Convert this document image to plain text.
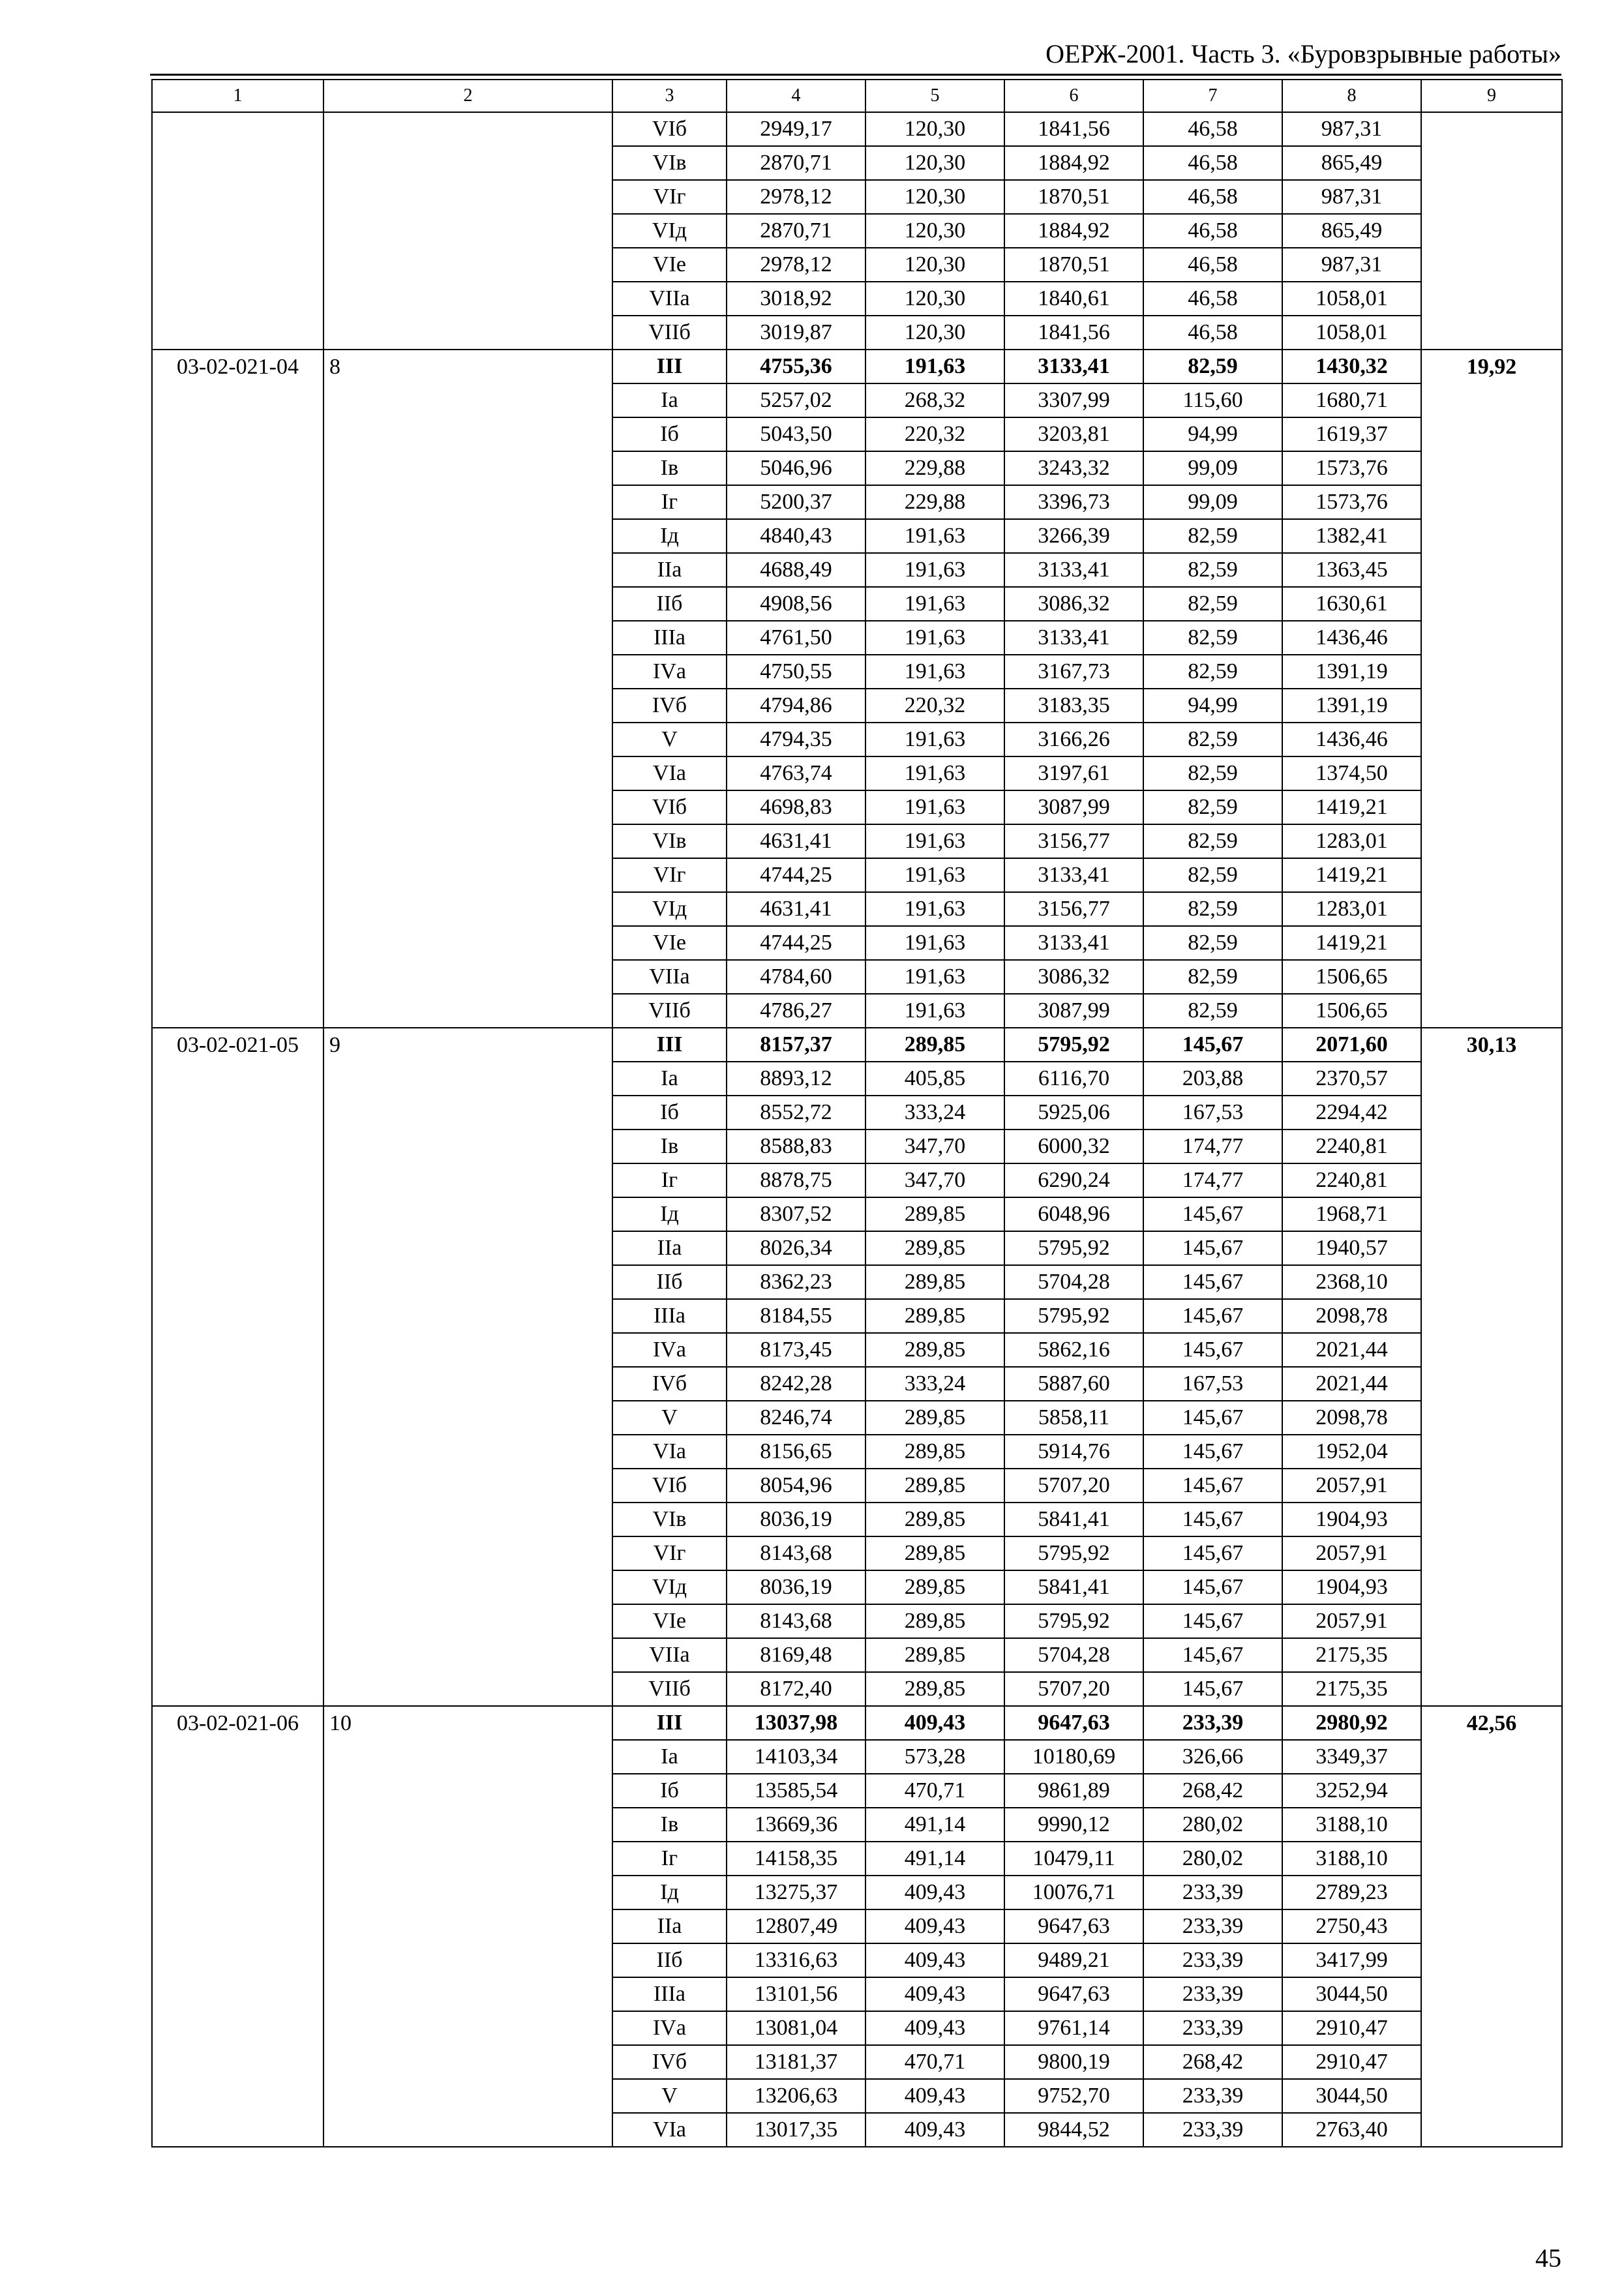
ОЕРЖ-2001. Часть 3. «Буровзрывные работы»
1	2	3	4	5	6	7	8	9
		VIб	2949,17	120,30	1841,56	46,58	987,31	
		VIв	2870,71	120,30	1884,92	46,58	865,49	
		VIг	2978,12	120,30	1870,51	46,58	987,31	
		VIд	2870,71	120,30	1884,92	46,58	865,49	
		VIе	2978,12	120,30	1870,51	46,58	987,31	
		VIIа	3018,92	120,30	1840,61	46,58	1058,01	
		VIIб	3019,87	120,30	1841,56	46,58	1058,01	
03-02-021-04	8	III	4755,36	191,63	3133,41	82,59	1430,32	19,92
		Iа	5257,02	268,32	3307,99	115,60	1680,71	
		Iб	5043,50	220,32	3203,81	94,99	1619,37	
		Iв	5046,96	229,88	3243,32	99,09	1573,76	
		Iг	5200,37	229,88	3396,73	99,09	1573,76	
		Iд	4840,43	191,63	3266,39	82,59	1382,41	
		IIа	4688,49	191,63	3133,41	82,59	1363,45	
		IIб	4908,56	191,63	3086,32	82,59	1630,61	
		IIIа	4761,50	191,63	3133,41	82,59	1436,46	
		IVа	4750,55	191,63	3167,73	82,59	1391,19	
		IVб	4794,86	220,32	3183,35	94,99	1391,19	
		V	4794,35	191,63	3166,26	82,59	1436,46	
		VIа	4763,74	191,63	3197,61	82,59	1374,50	
		VIб	4698,83	191,63	3087,99	82,59	1419,21	
		VIв	4631,41	191,63	3156,77	82,59	1283,01	
		VIг	4744,25	191,63	3133,41	82,59	1419,21	
		VIд	4631,41	191,63	3156,77	82,59	1283,01	
		VIе	4744,25	191,63	3133,41	82,59	1419,21	
		VIIа	4784,60	191,63	3086,32	82,59	1506,65	
		VIIб	4786,27	191,63	3087,99	82,59	1506,65	
03-02-021-05	9	III	8157,37	289,85	5795,92	145,67	2071,60	30,13
		Iа	8893,12	405,85	6116,70	203,88	2370,57	
		Iб	8552,72	333,24	5925,06	167,53	2294,42	
		Iв	8588,83	347,70	6000,32	174,77	2240,81	
		Iг	8878,75	347,70	6290,24	174,77	2240,81	
		Iд	8307,52	289,85	6048,96	145,67	1968,71	
		IIа	8026,34	289,85	5795,92	145,67	1940,57	
		IIб	8362,23	289,85	5704,28	145,67	2368,10	
		IIIа	8184,55	289,85	5795,92	145,67	2098,78	
		IVа	8173,45	289,85	5862,16	145,67	2021,44	
		IVб	8242,28	333,24	5887,60	167,53	2021,44	
		V	8246,74	289,85	5858,11	145,67	2098,78	
		VIа	8156,65	289,85	5914,76	145,67	1952,04	
		VIб	8054,96	289,85	5707,20	145,67	2057,91	
		VIв	8036,19	289,85	5841,41	145,67	1904,93	
		VIг	8143,68	289,85	5795,92	145,67	2057,91	
		VIд	8036,19	289,85	5841,41	145,67	1904,93	
		VIе	8143,68	289,85	5795,92	145,67	2057,91	
		VIIа	8169,48	289,85	5704,28	145,67	2175,35	
		VIIб	8172,40	289,85	5707,20	145,67	2175,35	
03-02-021-06	10	III	13037,98	409,43	9647,63	233,39	2980,92	42,56
		Iа	14103,34	573,28	10180,69	326,66	3349,37	
		Iб	13585,54	470,71	9861,89	268,42	3252,94	
		Iв	13669,36	491,14	9990,12	280,02	3188,10	
		Iг	14158,35	491,14	10479,11	280,02	3188,10	
		Iд	13275,37	409,43	10076,71	233,39	2789,23	
		IIа	12807,49	409,43	9647,63	233,39	2750,43	
		IIб	13316,63	409,43	9489,21	233,39	3417,99	
		IIIа	13101,56	409,43	9647,63	233,39	3044,50	
		IVа	13081,04	409,43	9761,14	233,39	2910,47	
		IVб	13181,37	470,71	9800,19	268,42	2910,47	
		V	13206,63	409,43	9752,70	233,39	3044,50	
		VIа	13017,35	409,43	9844,52	233,39	2763,40	
45
